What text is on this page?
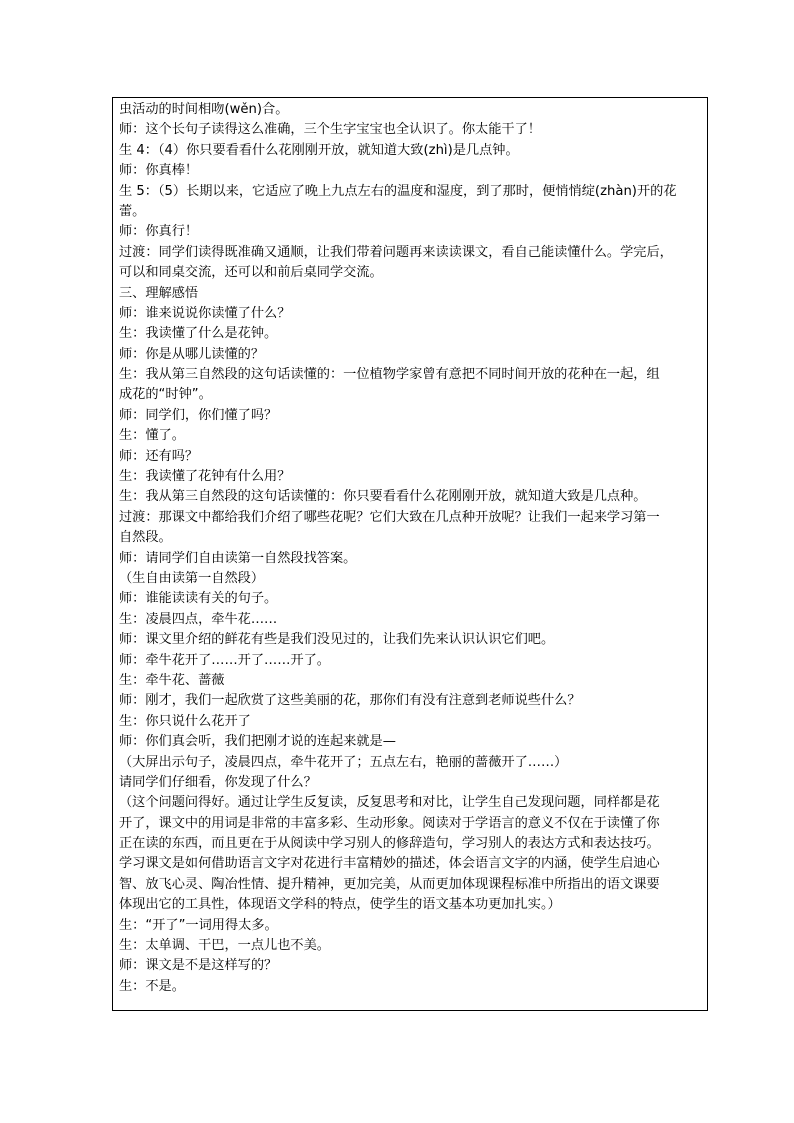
虫活动的时间相吻(wěn)合。
师：这个长句子读得这么准确，三个生字宝宝也全认识了。你太能干了！
生 4：（4）你只要看看什么花刚刚开放，就知道大致(zhì)是几点钟。
师：你真棒！
生 5：（5）长期以来，它适应了晚上九点左右的温度和湿度，到了那时，便悄悄绽(zhàn)开的花
蕾。
师：你真行！
过渡：同学们读得既准确又通顺，让我们带着问题再来读读课文，看自己能读懂什么。学完后，
可以和同桌交流，还可以和前后桌同学交流。
三、理解感悟
师：谁来说说你读懂了什么？
生：我读懂了什么是花钟。
师：你是从哪儿读懂的？
生：我从第三自然段的这句话读懂的：一位植物学家曾有意把不同时间开放的花种在一起，组
成花的“时钟”。
师：同学们，你们懂了吗？
生：懂了。
师：还有吗？
生：我读懂了花钟有什么用？
生：我从第三自然段的这句话读懂的：你只要看看什么花刚刚开放，就知道大致是几点种。
过渡：那课文中都给我们介绍了哪些花呢？它们大致在几点种开放呢？让我们一起来学习第一
自然段。
师：请同学们自由读第一自然段找答案。
（生自由读第一自然段）
师：谁能读读有关的句子。
生：凌晨四点，牵牛花……
师：课文里介绍的鲜花有些是我们没见过的，让我们先来认识认识它们吧。
师：牵牛花开了……开了……开了。
生：牵牛花、蔷薇
师：刚才，我们一起欣赏了这些美丽的花，那你们有没有注意到老师说些什么？
生：你只说什么花开了
师：你们真会听，我们把刚才说的连起来就是—
（大屏出示句子，凌晨四点，牵牛花开了；五点左右，艳丽的蔷薇开了……）
请同学们仔细看，你发现了什么？
（这个问题问得好。通过让学生反复读，反复思考和对比，让学生自己发现问题，同样都是花
开了，课文中的用词是非常的丰富多彩、生动形象。阅读对于学语言的意义不仅在于读懂了你
正在读的东西，而且更在于从阅读中学习别人的修辞造句，学习别人的表达方式和表达技巧。
学习课文是如何借助语言文字对花进行丰富精妙的描述，体会语言文字的内涵，使学生启迪心
智、放飞心灵、陶冶性情、提升精神，更加完美，从而更加体现课程标准中所指出的语文课要
体现出它的工具性，体现语文学科的特点，使学生的语文基本功更加扎实。）
生：“开了”一词用得太多。
生：太单调、干巴，一点儿也不美。
师：课文是不是这样写的？
生：不是。
